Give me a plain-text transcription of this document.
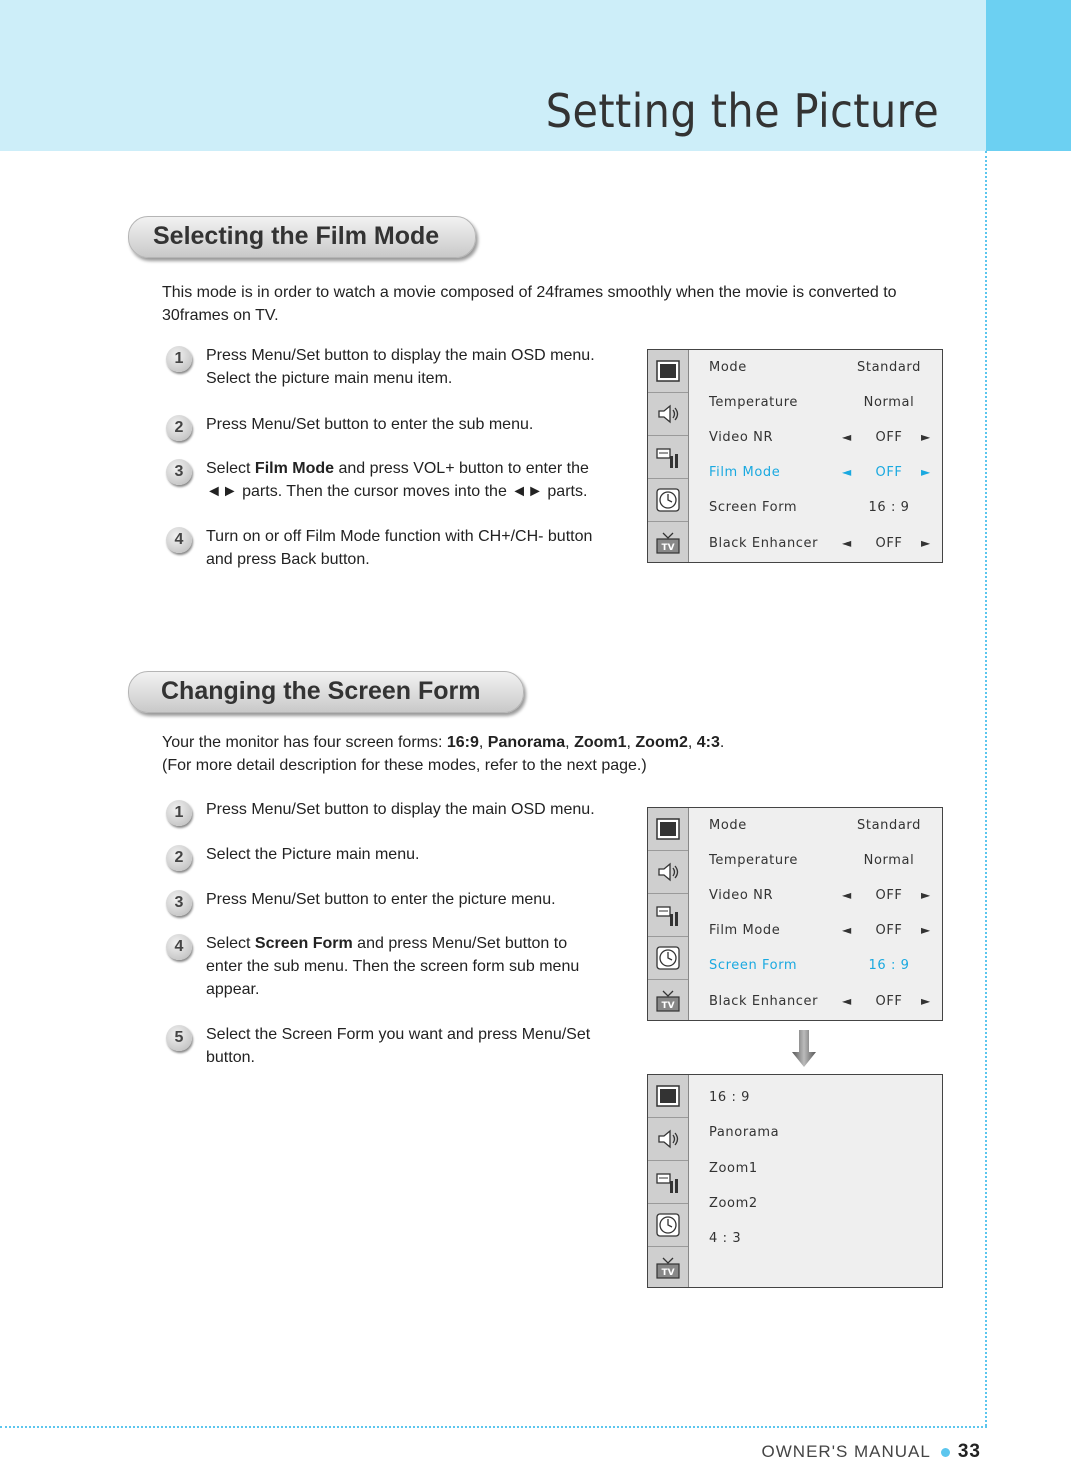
Setting the Picture
Selecting the Film Mode
This mode is in order to watch a movie composed of 24frames smoothly when the movie is converted to 30frames on TV.
1	Press Menu/Set button to display the main OSD menu. Select the picture main menu item.
2	Press Menu/Set button to enter the sub menu.
3	Select Film Mode and press VOL+ button to enter the ◄► parts. Then the cursor moves into the ◄► parts.
4	Turn on or off Film Mode function with CH+/CH- button and press Back button.
TV
Mode	Standard
Temperature	Normal
Video NR	◄	OFF	►
Film Mode	◄	OFF	►
Screen Form	16 : 9
Black Enhancer ◄	OFF	►
Changing the Screen Form
Your the monitor has four screen forms: 16:9, Panorama, Zoom1, Zoom2, 4:3.
(For more detail description for these modes, refer to the next page.)
1	Press Menu/Set button to display the main OSD menu.
2	Select the Picture main menu.
3	Press Menu/Set button to enter the picture menu.
4	Select Screen Form and press Menu/Set button to enter the sub menu. Then the screen form sub menu appear.
5	Select the Screen Form you want and press Menu/Set button.
TV
Mode	Standard
Temperature	Normal
Video NR	◄	OFF	►
Film Mode	◄	OFF	►
Screen Form	16 : 9
Black Enhancer ◄	OFF	►
TV
16 : 9
Panorama
Zoom1
Zoom2
4 : 3
OWNER'S MANUAL 33
